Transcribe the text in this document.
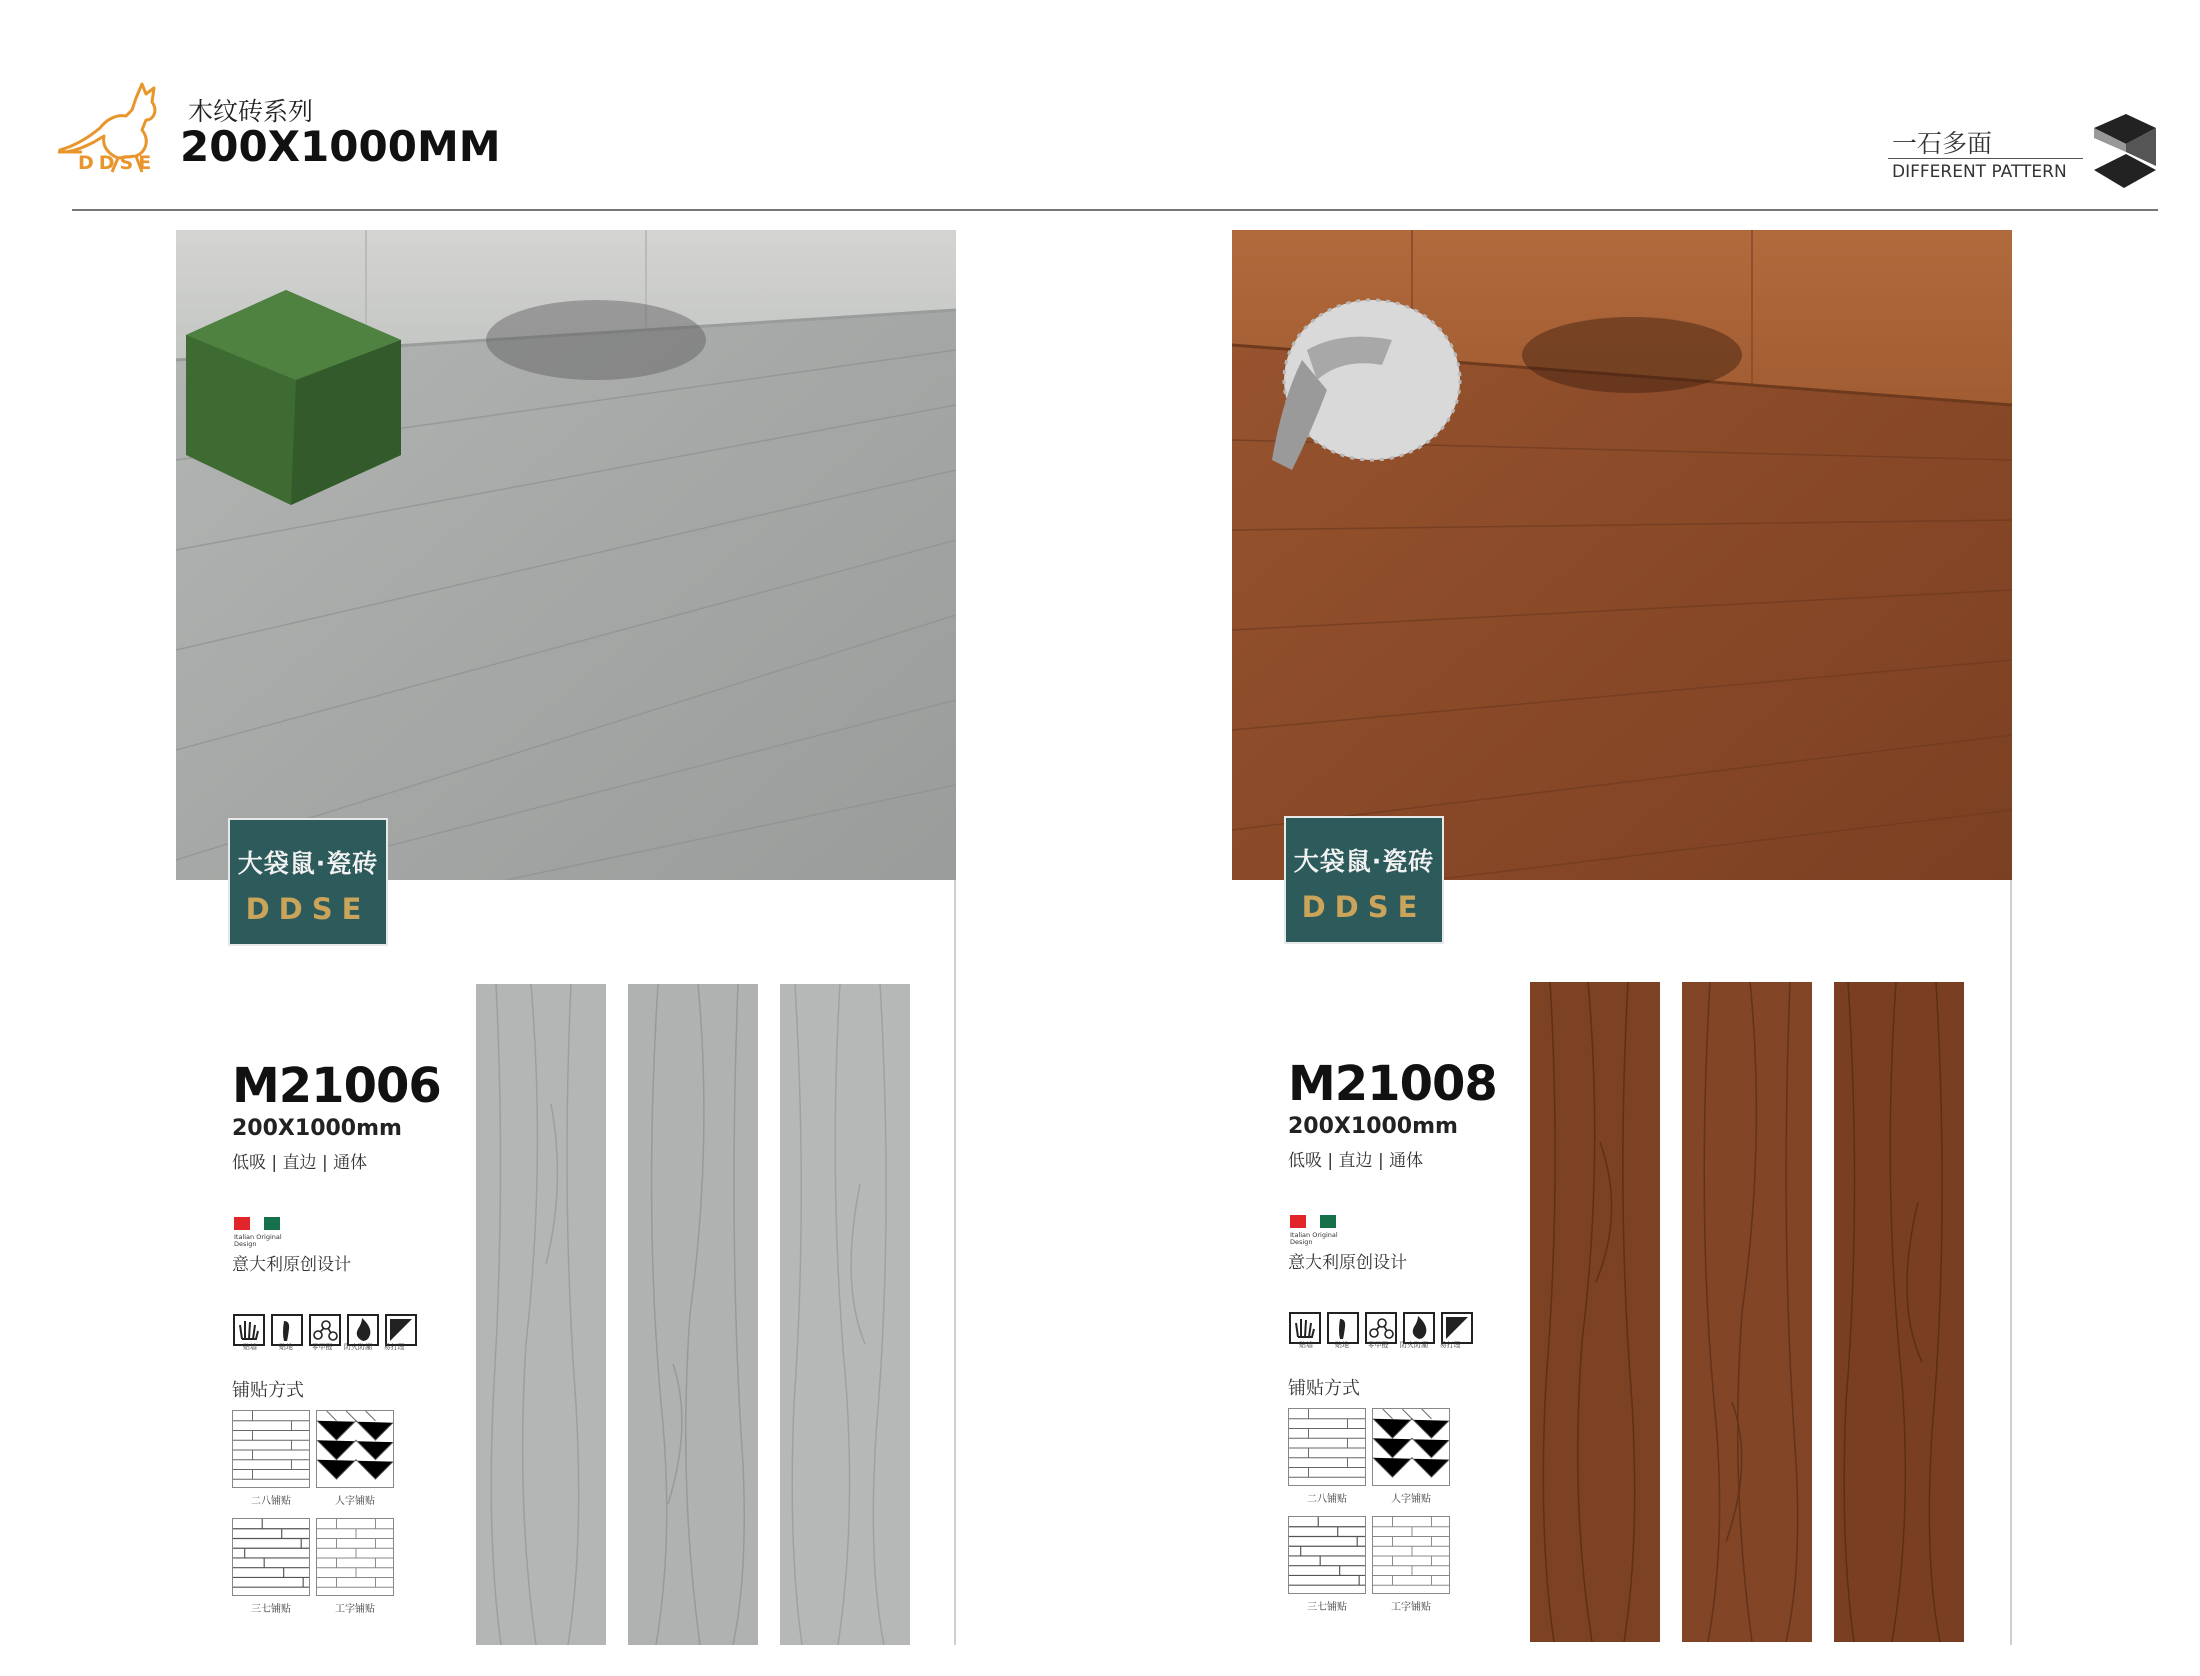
DDSE
木纹砖系列
200X1000MM	一石多面
DIFFERENT PATTERN
大袋鼠·瓷砖
DDSE
M21006
200X1000mm
低吸 | 直边 | 通体
Italian Original Design
意大利原创设计
贴墙	贴地	零甲醛 防火防潮 易打理
铺贴方式
二八铺贴	人字铺贴
三七铺贴	工字铺贴
大袋鼠·瓷砖
DDSE
M21008
200X1000mm
低吸 | 直边 | 通体
Italian Original Design
意大利原创设计
贴墙	贴地	零甲醛 防火防潮 易打理
铺贴方式
二八铺贴	人字铺贴
三七铺贴	工字铺贴
